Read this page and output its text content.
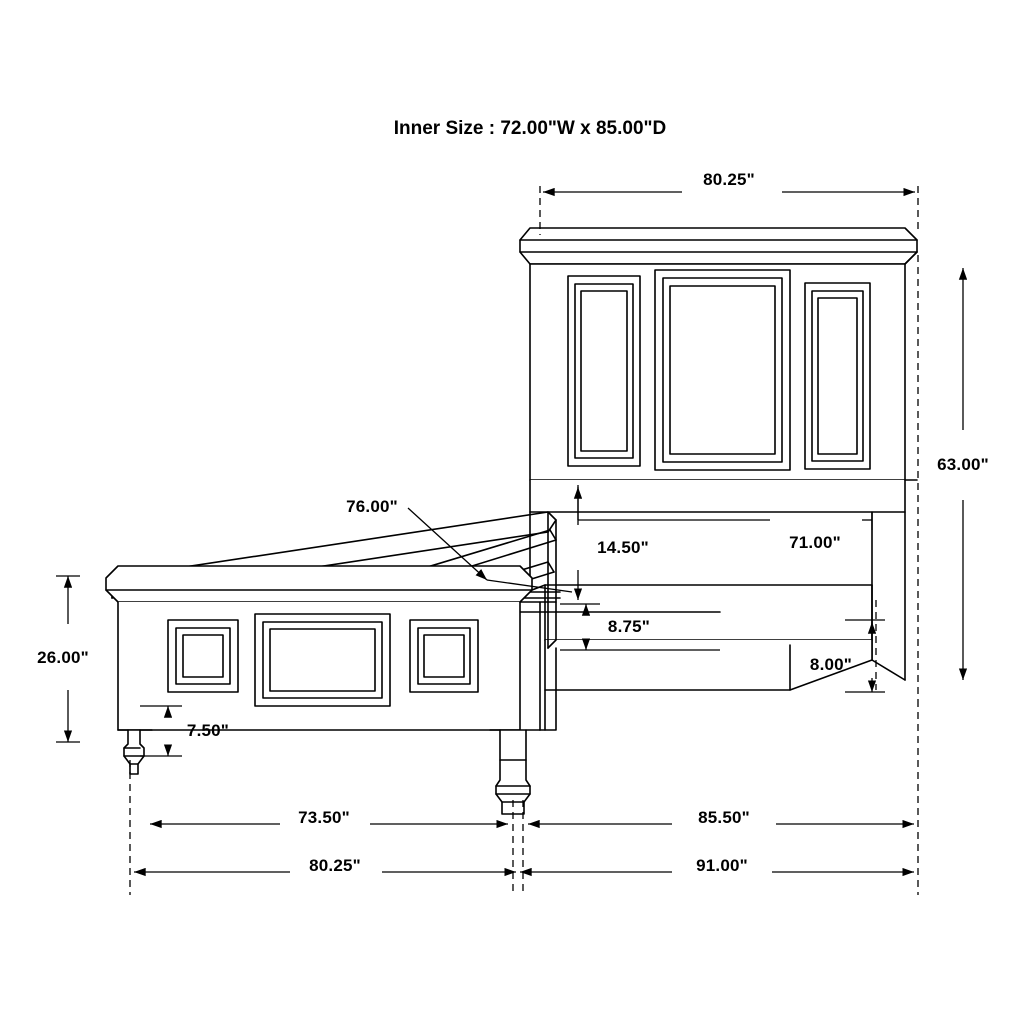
Inner Size : 72.00"W x 85.00"D
80.25"
63.00"
76.00"
71.00"
14.50"
8.75"
8.00"
26.00"
7.50"
73.50"	85.50"
80.25"	91.00"
